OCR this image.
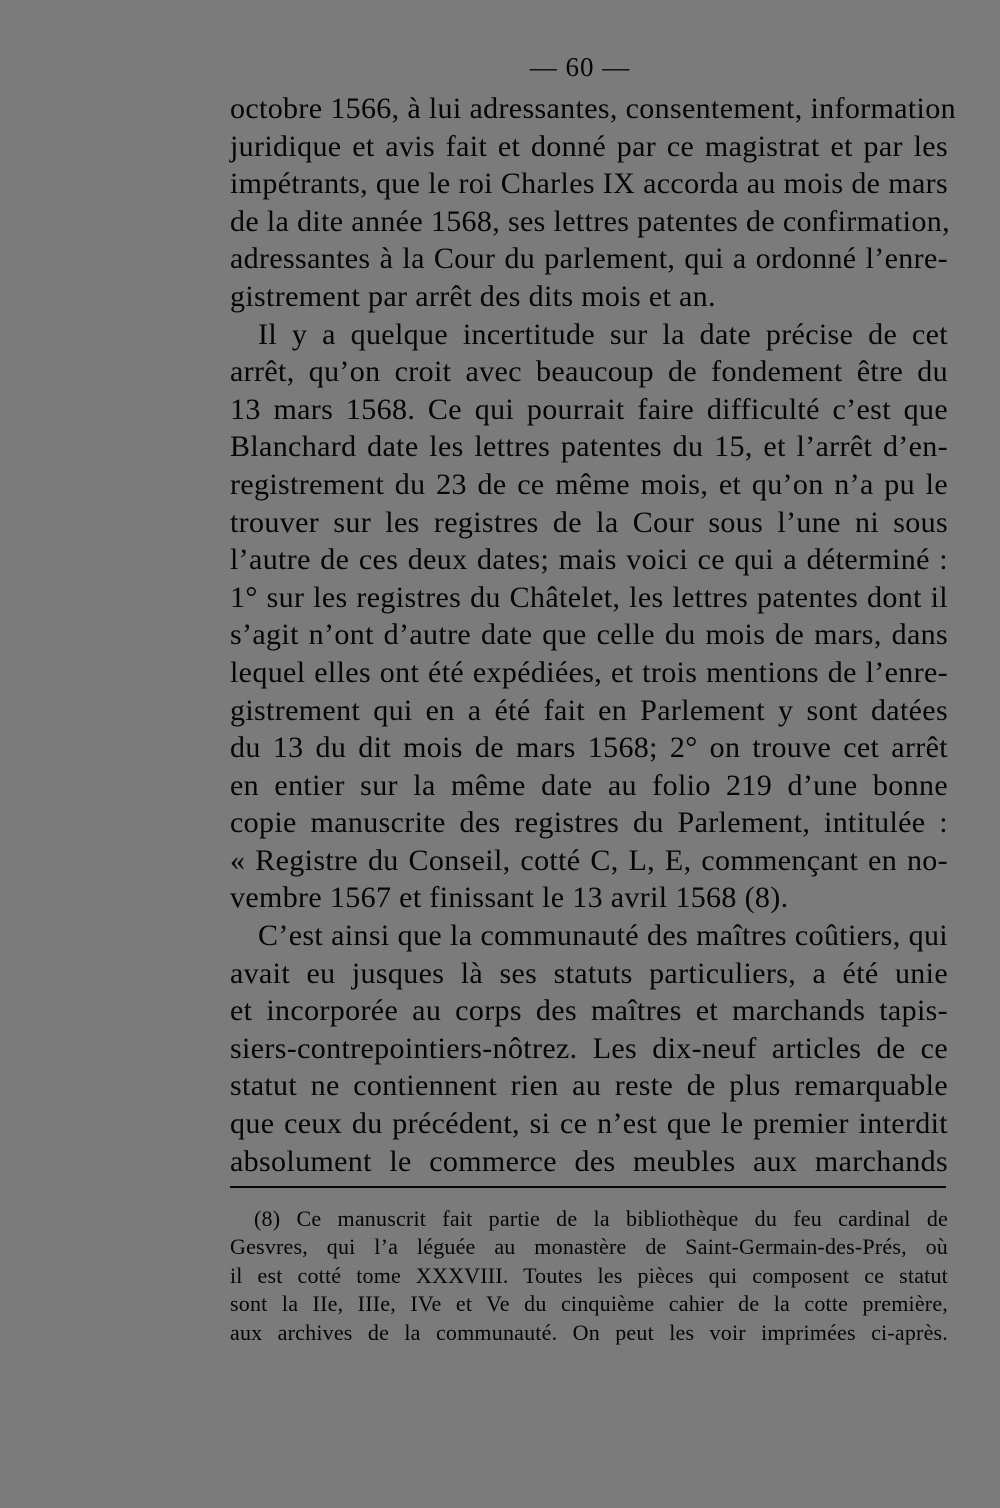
— 60 —
octobre 1566, à lui adressantes, consentement, information
juridique et avis fait et donné par ce magistrat et par les
impétrants, que le roi Charles IX accorda au mois de mars
de la dite année 1568, ses lettres patentes de confirmation,
adressantes à la Cour du parlement, qui a ordonné l’enre-
gistrement par arrêt des dits mois et an.
Il y a quelque incertitude sur la date précise de cet
arrêt, qu’on croit avec beaucoup de fondement être du
13 mars 1568. Ce qui pourrait faire difficulté c’est que
Blanchard date les lettres patentes du 15, et l’arrêt d’en-
registrement du 23 de ce même mois, et qu’on n’a pu le
trouver sur les registres de la Cour sous l’une ni sous
l’autre de ces deux dates; mais voici ce qui a déterminé :
1° sur les registres du Châtelet, les lettres patentes dont il
s’agit n’ont d’autre date que celle du mois de mars, dans
lequel elles ont été expédiées, et trois mentions de l’enre-
gistrement qui en a été fait en Parlement y sont datées
du 13 du dit mois de mars 1568; 2° on trouve cet arrêt
en entier sur la même date au folio 219 d’une bonne
copie manuscrite des registres du Parlement, intitulée :
« Registre du Conseil, cotté C, L, E, commençant en no-
vembre 1567 et finissant le 13 avril 1568 (8).
C’est ainsi que la communauté des maîtres coûtiers, qui
avait eu jusques là ses statuts particuliers, a été unie
et incorporée au corps des maîtres et marchands tapis-
siers-contrepointiers-nôtrez. Les dix-neuf articles de ce
statut ne contiennent rien au reste de plus remarquable
que ceux du précédent, si ce n’est que le premier interdit
absolument le commerce des meubles aux marchands
(8) Ce manuscrit fait partie de la bibliothèque du feu cardinal de
Gesvres, qui l’a léguée au monastère de Saint-Germain-des-Prés, où
il est cotté tome XXXVIII. Toutes les pièces qui composent ce statut
sont la IIe, IIIe, IVe et Ve du cinquième cahier de la cotte première,
aux archives de la communauté. On peut les voir imprimées ci-après.
